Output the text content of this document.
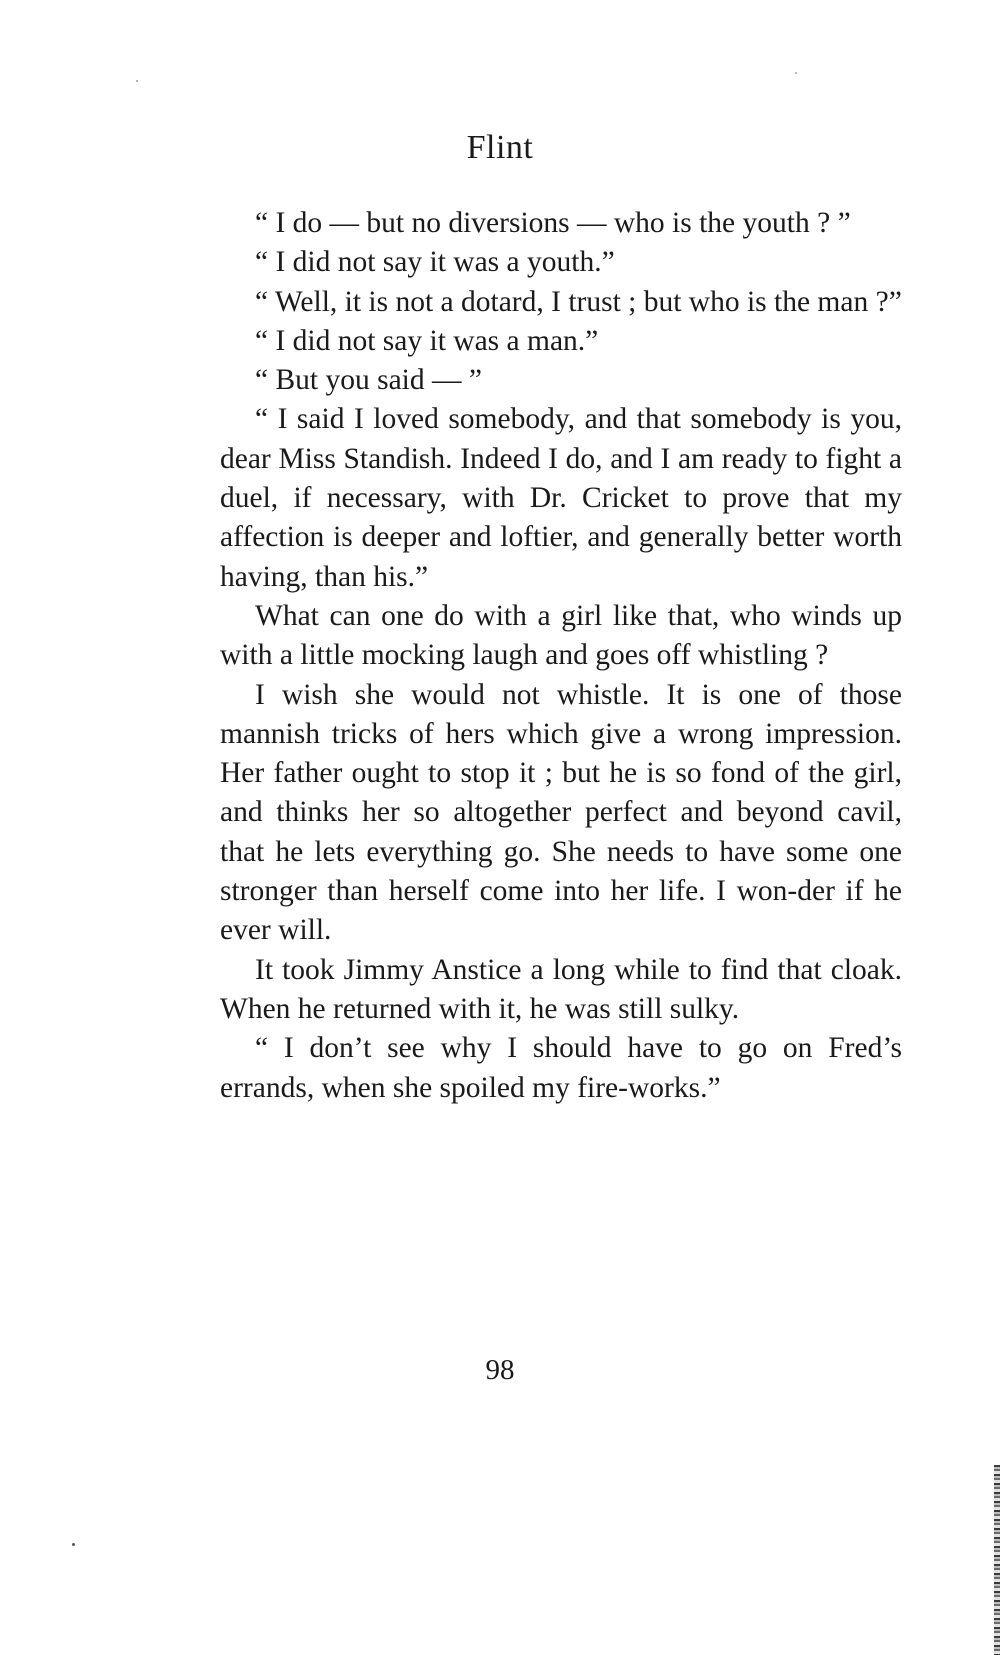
Flint

“ I do — but no diversions — who is the youth ? ”

“ I did not say it was a youth.”

“ Well, it is not a dotard, I trust ; but who is the man ?”

“ I did not say it was a man.”

“ But you said — ”

“ I said I loved somebody, and that somebody is you, dear Miss Standish. Indeed I do, and I am ready to fight a duel, if necessary, with Dr. Cricket to prove that my affection is deeper and loftier, and generally better worth having, than his.”

What can one do with a girl like that, who winds up with a little mocking laugh and goes off whistling ?

I wish she would not whistle. It is one of those mannish tricks of hers which give a wrong impression. Her father ought to stop it ; but he is so fond of the girl, and thinks her so altogether perfect and beyond cavil, that he lets everything go. She needs to have some one stronger than herself come into her life. I won-der if he ever will.

It took Jimmy Anstice a long while to find that cloak. When he returned with it, he was still sulky.

“ I don’t see why I should have to go on Fred’s errands, when she spoiled my fire-works.”

98
